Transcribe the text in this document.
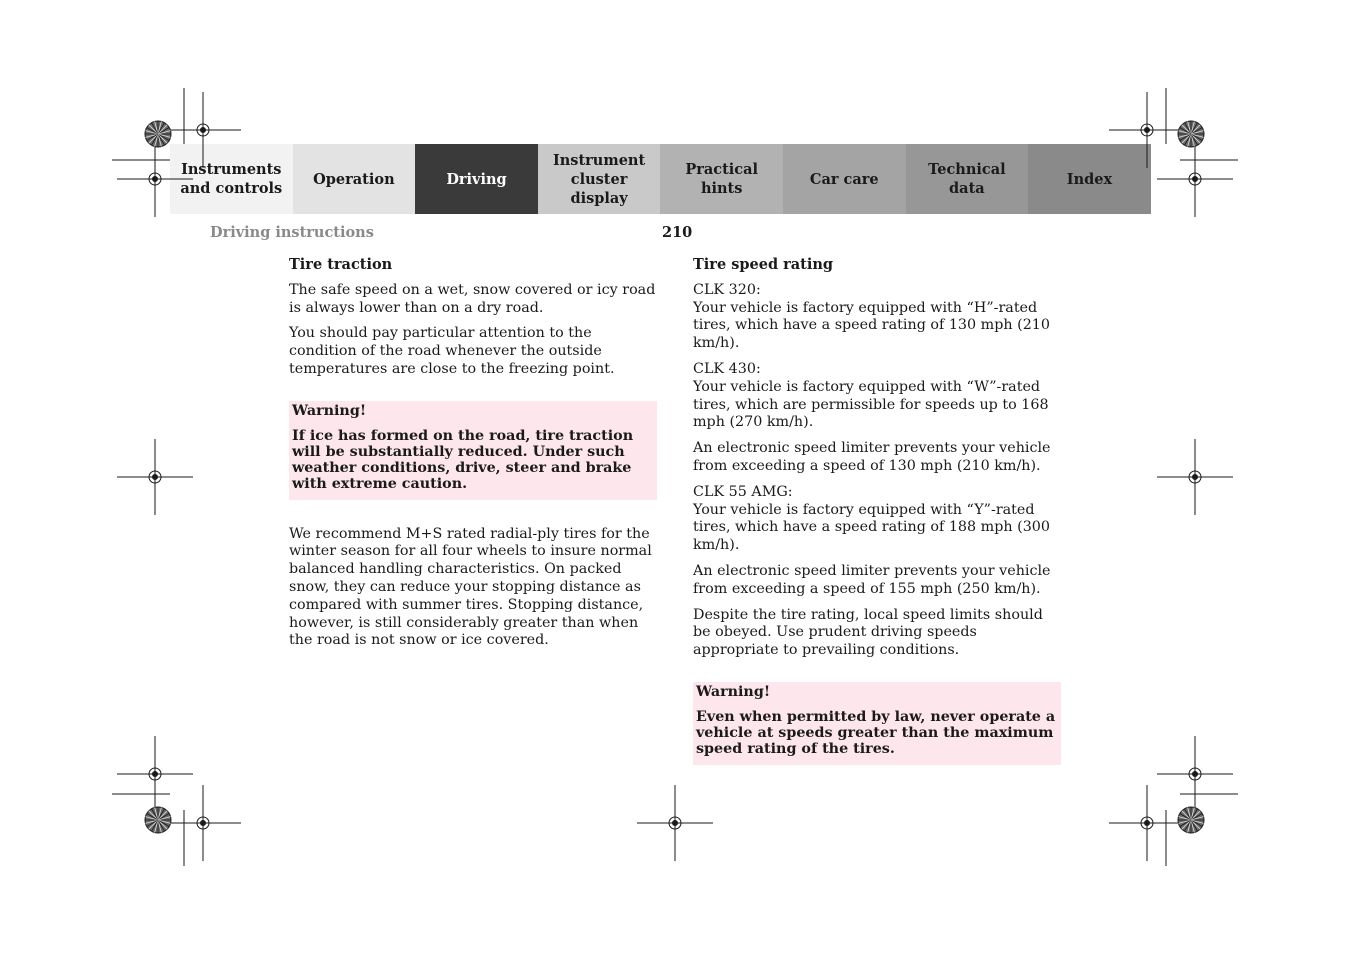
Instruments
and controls
Operation	Driving
Instrument
cluster display
Practical hints
Car care
Technical
data
Index
Driving instructions	210
Tire traction

The safe speed on a wet, snow covered or icy road is always lower than on a dry road.

You should pay particular attention to the condition of the road whenever the outside temperatures are close to the freezing point.

Warning!

If ice has formed on the road, tire traction will be substantially reduced. Under such weather conditions, drive, steer and brake with extreme caution.

We recommend M+S rated radial-ply tires for the winter season for all four wheels to insure normal balanced handling characteristics. On packed snow, they can reduce your stopping distance as compared with summer tires. Stopping distance, however, is still considerably greater than when the road is not snow or ice covered.

Tire speed rating

CLK 320:
Your vehicle is factory equipped with “H”-rated tires, which have a speed rating of 130 mph (210 km/h).

CLK 430:
Your vehicle is factory equipped with “W”-rated tires, which are permissible for speeds up to 168 mph (270 km/h).

An electronic speed limiter prevents your vehicle from exceeding a speed of 130 mph (210 km/h).

CLK 55 AMG:
Your vehicle is factory equipped with “Y”-rated tires, which have a speed rating of 188 mph (300 km/h).

An electronic speed limiter prevents your vehicle from exceeding a speed of 155 mph (250 km/h).

Despite the tire rating, local speed limits should be obeyed. Use prudent driving speeds appropriate to prevailing conditions.

Warning!

Even when permitted by law, never operate a vehicle at speeds greater than the maximum speed rating of the tires.
